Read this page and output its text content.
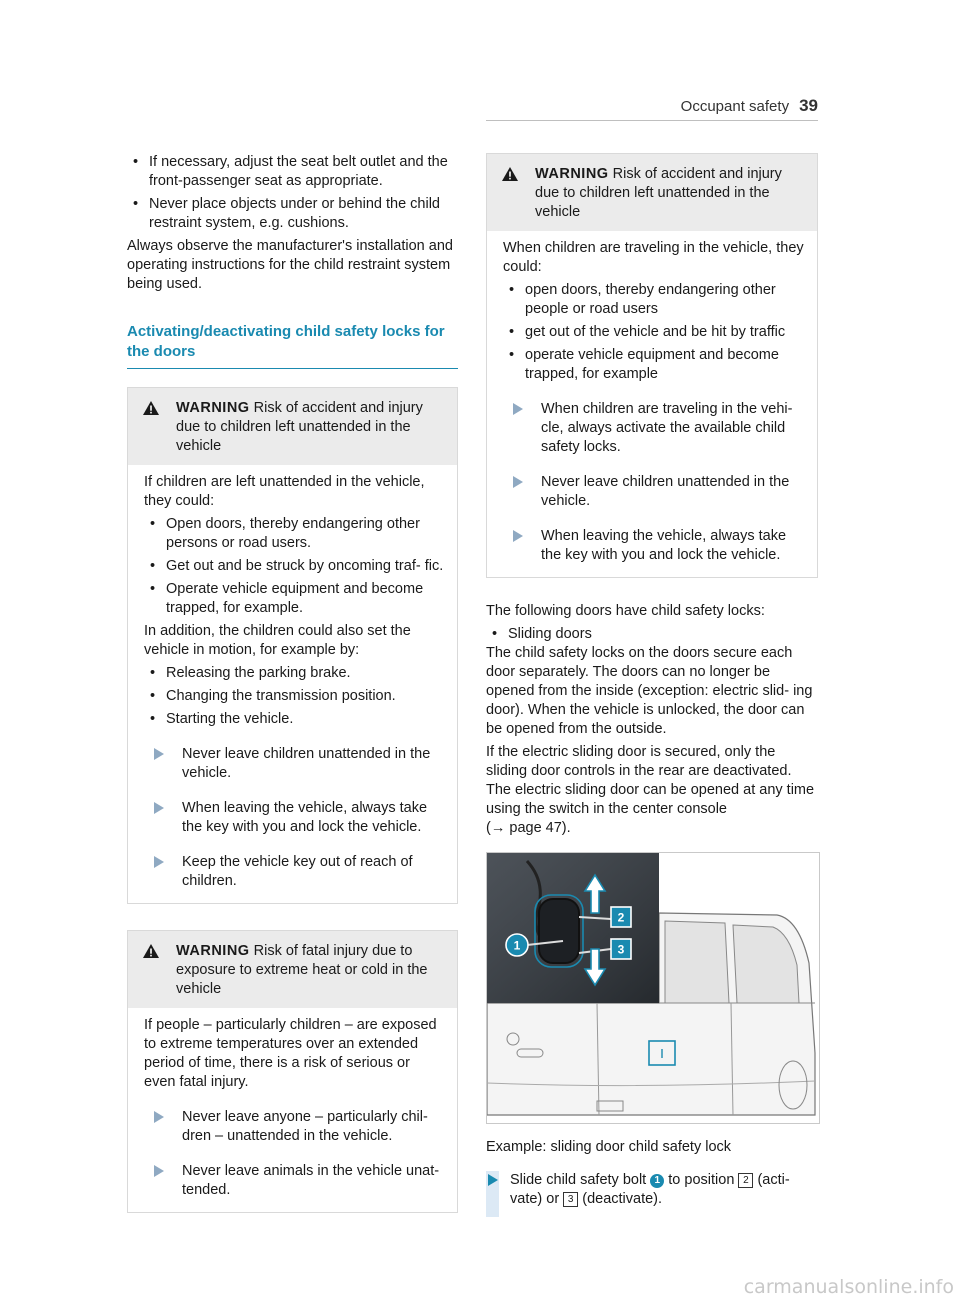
Occupant safety 39
• If necessary, adjust the seat belt outlet and the front-passenger seat as appropriate.
• Never place objects under or behind the child restraint system, e.g. cushions.

Always observe the manufacturer's installation and operating instructions for the child restraint system being used.

Activating/deactivating child safety locks for the doors
WARNING Risk of accident and injury due to children left unattended in the vehicle

If children are left unattended in the vehicle, they could:

• Open doors, thereby endangering other persons or road users.
• Get out and be struck by oncoming traf- fic.
• Operate vehicle equipment and become trapped, for example.

In addition, the children could also set the vehicle in motion, for example by:

• Releasing the parking brake.
• Changing the transmission position.
• Starting the vehicle.
Never leave children unattended in the vehicle.
When leaving the vehicle, always take the key with you and lock the vehicle.
Keep the vehicle key out of reach of children.
WARNING Risk of fatal injury due to exposure to extreme heat or cold in the vehicle

If people – particularly children – are exposed to extreme temperatures over an extended period of time, there is a risk of serious or even fatal injury.

Never leave anyone – particularly chil- dren – unattended in the vehicle.
Never leave animals in the vehicle unat- tended.
WARNING Risk of accident and injury due to children left unattended in the vehicle

When children are traveling in the vehicle, they could:

• open doors, thereby endangering other people or road users
• get out of the vehicle and be hit by traffic
• operate vehicle equipment and become trapped, for example
When children are traveling in the vehi- cle, always activate the available child safety locks.
Never leave children unattended in the vehicle.
When leaving the vehicle, always take the key with you and lock the vehicle.

The following doors have child safety locks:

• Sliding doors

The child safety locks on the doors secure each door separately. The doors can no longer be opened from the inside (exception: electric slid- ing door). When the vehicle is unlocked, the door can be opened from the outside.

If the electric sliding door is secured, only the sliding door controls in the rear are deactivated. The electric sliding door can be opened at any time using the switch in the center console
(→ page 47).

1
2
3

Example: sliding door child safety lock

Slide child safety bolt 1 to position 2 (acti- vate) or 3 (deactivate).
carmanualsonline.info
